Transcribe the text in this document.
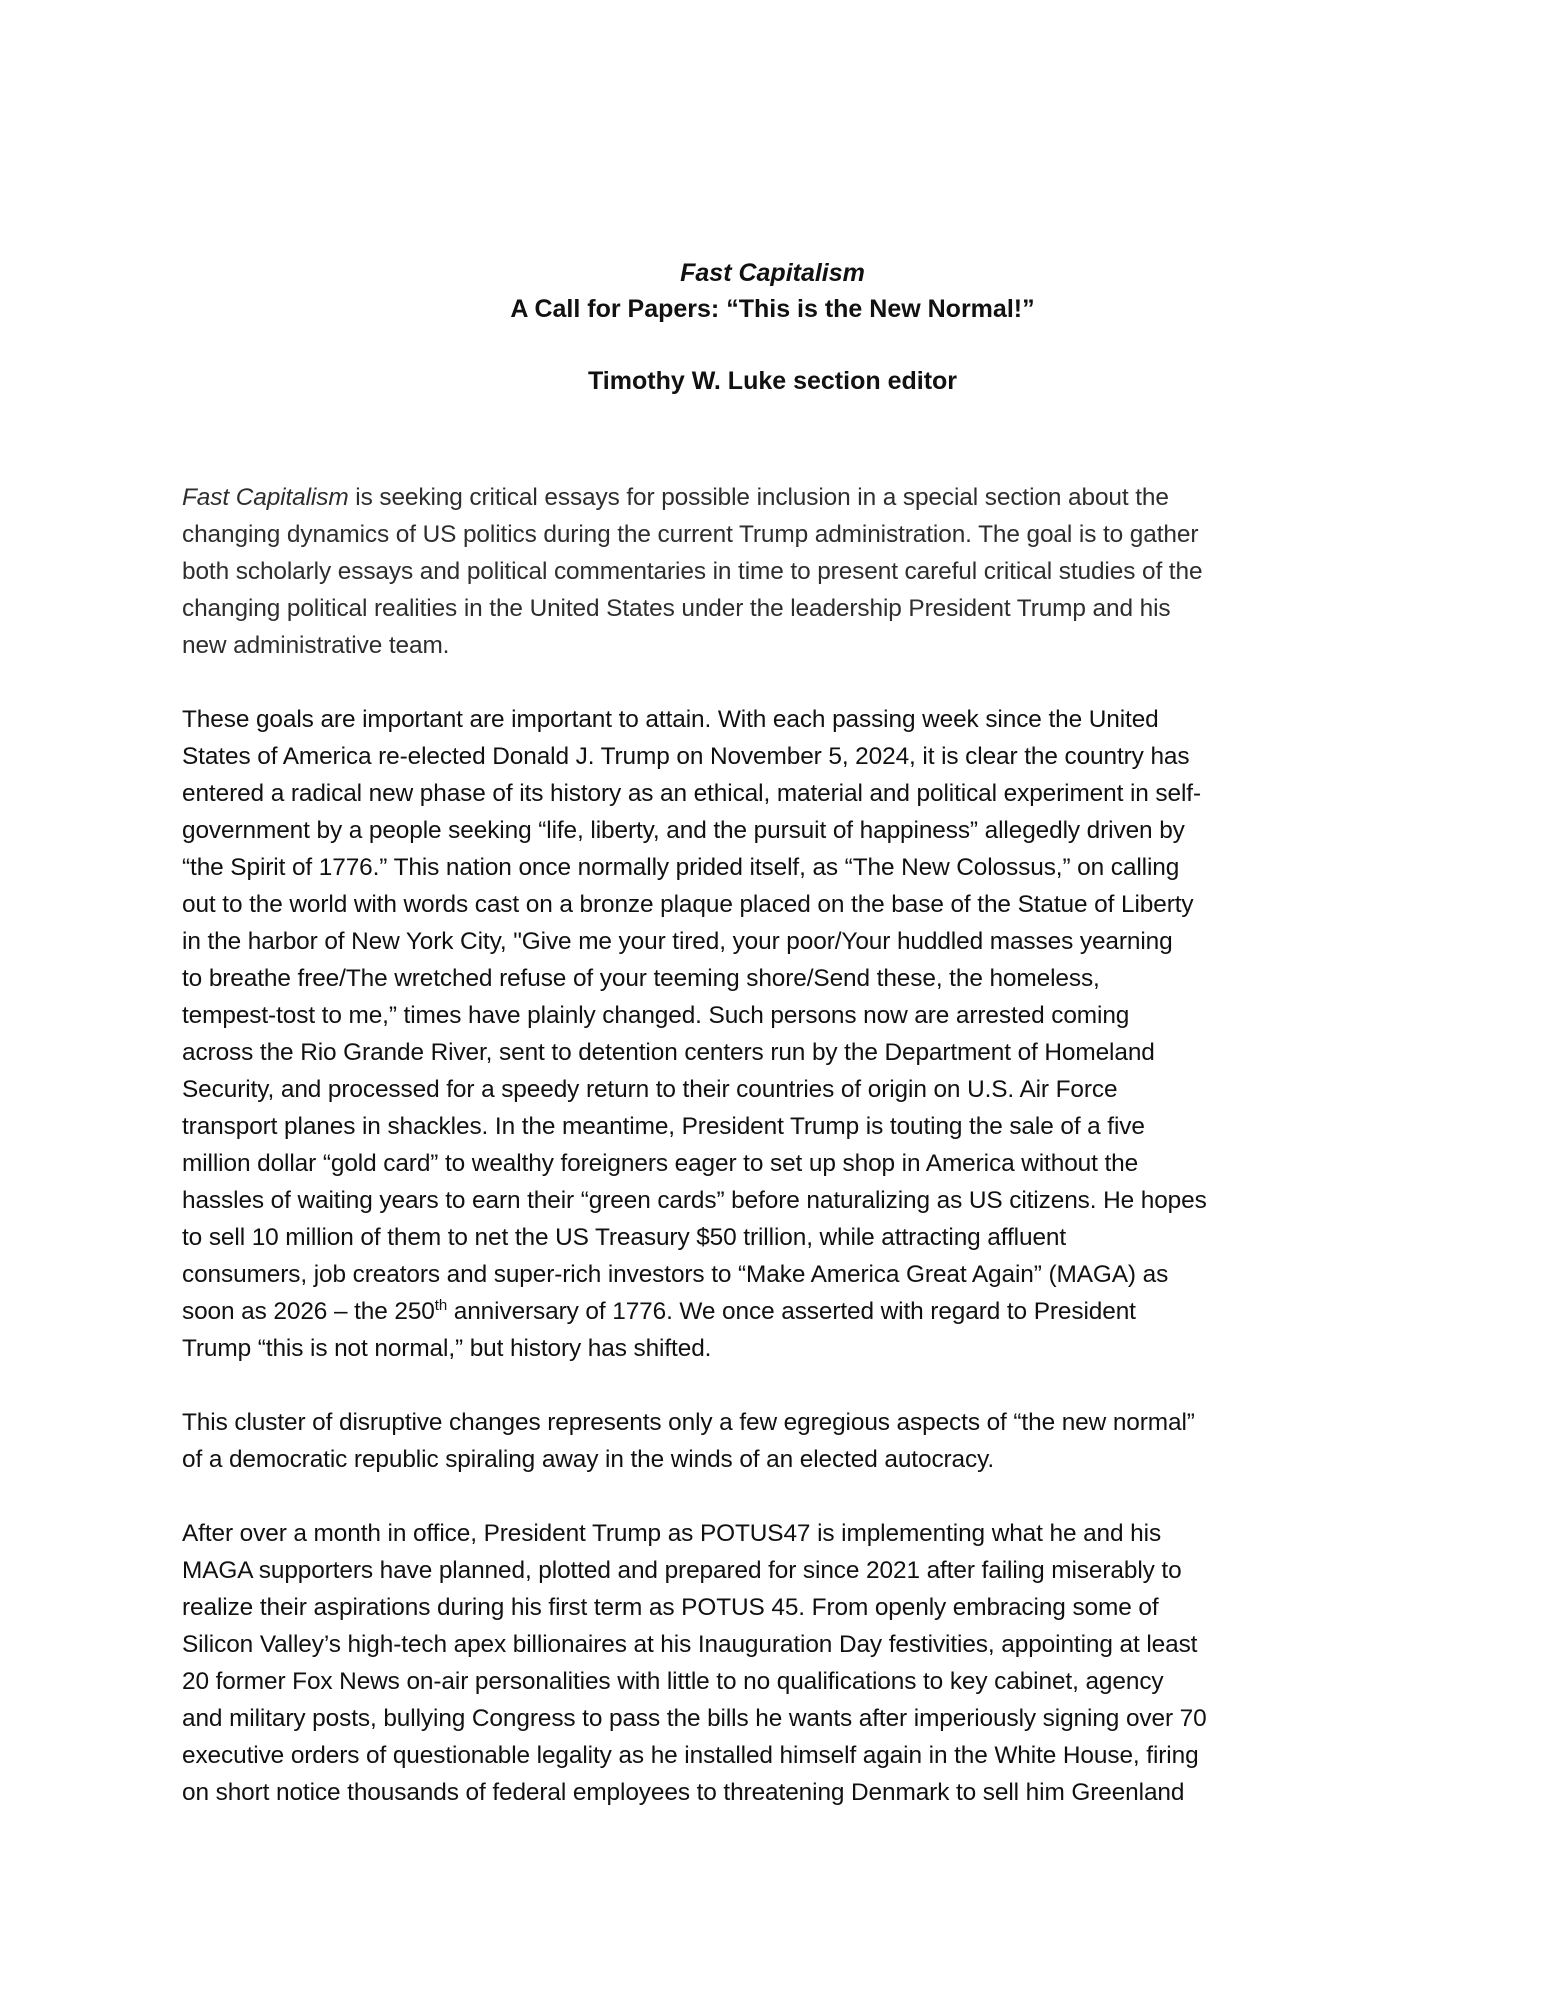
Fast Capitalism
A Call for Papers: “This is the New Normal!”
Timothy W. Luke section editor
Fast Capitalism is seeking critical essays for possible inclusion in a special section about the
changing dynamics of US politics during the current Trump administration. The goal is to gather
both scholarly essays and political commentaries in time to present careful critical studies of the
changing political realities in the United States under the leadership President Trump and his
new administrative team.
These goals are important are important to attain. With each passing week since the United
States of America re-elected Donald J. Trump on November 5, 2024, it is clear the country has
entered a radical new phase of its history as an ethical, material and political experiment in self-
government by a people seeking “life, liberty, and the pursuit of happiness” allegedly driven by
“the Spirit of 1776.” This nation once normally prided itself, as “The New Colossus,” on calling
out to the world with words cast on a bronze plaque placed on the base of the Statue of Liberty
in the harbor of New York City, "Give me your tired, your poor/Your huddled masses yearning
to breathe free/The wretched refuse of your teeming shore/Send these, the homeless,
tempest-tost to me,” times have plainly changed. Such persons now are arrested coming
across the Rio Grande River, sent to detention centers run by the Department of Homeland
Security, and processed for a speedy return to their countries of origin on U.S. Air Force
transport planes in shackles. In the meantime, President Trump is touting the sale of a five
million dollar “gold card” to wealthy foreigners eager to set up shop in America without the
hassles of waiting years to earn their “green cards” before naturalizing as US citizens. He hopes
to sell 10 million of them to net the US Treasury $50 trillion, while attracting affluent
consumers, job creators and super-rich investors to “Make America Great Again” (MAGA) as
soon as 2026 – the 250th anniversary of 1776. We once asserted with regard to President
Trump “this is not normal,” but history has shifted.
This cluster of disruptive changes represents only a few egregious aspects of “the new normal”
of a democratic republic spiraling away in the winds of an elected autocracy.
After over a month in office, President Trump as POTUS47 is implementing what he and his
MAGA supporters have planned, plotted and prepared for since 2021 after failing miserably to
realize their aspirations during his first term as POTUS 45. From openly embracing some of
Silicon Valley’s high-tech apex billionaires at his Inauguration Day festivities, appointing at least
20 former Fox News on-air personalities with little to no qualifications to key cabinet, agency
and military posts, bullying Congress to pass the bills he wants after imperiously signing over 70
executive orders of questionable legality as he installed himself again in the White House, firing
on short notice thousands of federal employees to threatening Denmark to sell him Greenland
